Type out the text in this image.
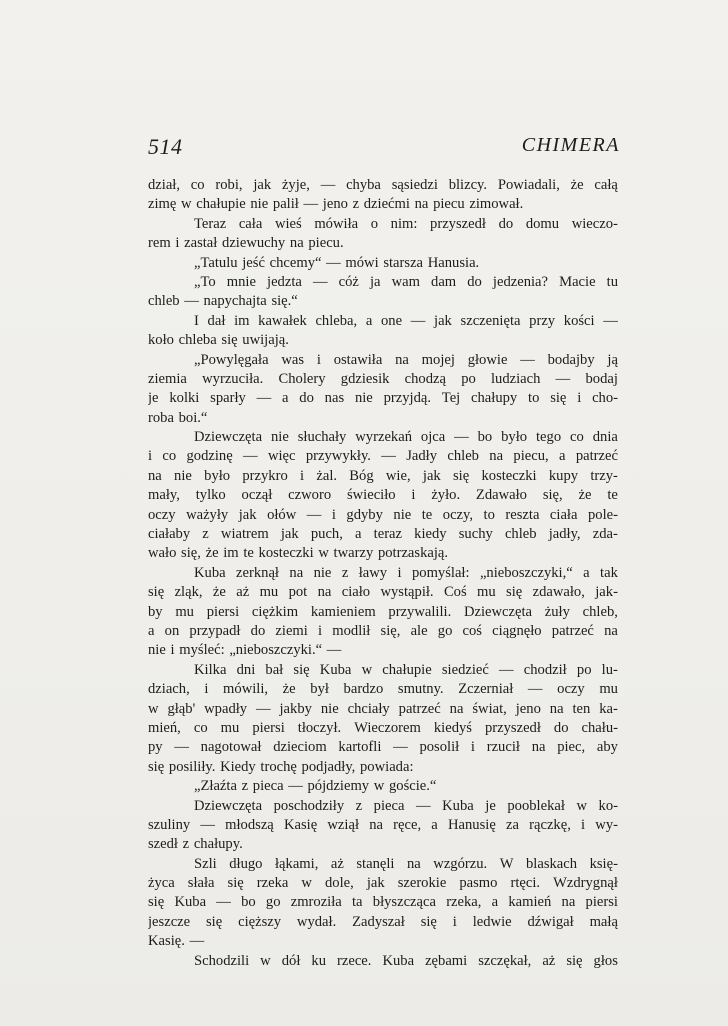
514	CHIMERA
dział, co robi, jak żyje, — chyba sąsiedzi blizcy. Powiadali, że całą
zimę w chałupie nie palił — jeno z dziećmi na piecu zimował.
Teraz cała wieś mówiła o nim: przyszedł do domu wieczo-
rem i zastał dziewuchy na piecu.
„Tatulu jeść chcemy“ — mówi starsza Hanusia.
„To mnie jedzta — cóż ja wam dam do jedzenia? Macie tu
chleb — napychajta się.“
I dał im kawałek chleba, a one — jak szczenięta przy kości —
koło chleba się uwijają.
„Powylęgała was i ostawiła na mojej głowie — bodajby ją
ziemia wyrzuciła. Cholery gdziesik chodzą po ludziach — bodaj
je kolki sparły — a do nas nie przyjdą. Tej chałupy to się i cho-
roba boi.“
Dziewczęta nie słuchały wyrzekań ojca — bo było tego co dnia
i co godzinę — więc przywykły. — Jadły chleb na piecu, a patrzeć
na nie było przykro i żal. Bóg wie, jak się kosteczki kupy trzy-
mały, tylko oczął czworo świeciło i żyło. Zdawało się, że te
oczy ważyły jak ołów — i gdyby nie te oczy, to reszta ciała pole-
ciałaby z wiatrem jak puch, a teraz kiedy suchy chleb jadły, zda-
wało się, że im te kosteczki w twarzy potrzaskają.
Kuba zerknął na nie z ławy i pomyślał: „nieboszczyki,“ a tak
się zląk, że aż mu pot na ciało wystąpił. Coś mu się zdawało, jak-
by mu piersi ciężkim kamieniem przywalili. Dziewczęta żuły chleb,
a on przypadł do ziemi i modlił się, ale go coś ciągnęło patrzeć na
nie i myśleć: „nieboszczyki.“ —
Kilka dni bał się Kuba w chałupie siedzieć — chodził po lu-
dziach, i mówili, że był bardzo smutny. Zczerniał — oczy mu
w głąb' wpadły — jakby nie chciały patrzeć na świat, jeno na ten ka-
mień, co mu piersi tłoczył. Wieczorem kiedyś przyszedł do chału-
py — nagotował dzieciom kartofli — posolił i rzucił na piec, aby
się posiliły. Kiedy trochę podjadły, powiada:
„Złaźta z pieca — pójdziemy w goście.“
Dziewczęta poschodziły z pieca — Kuba je pooblekał w ko-
szuliny — młodszą Kasię wziął na ręce, a Hanusię za rączkę, i wy-
szedł z chałupy.
Szli długo łąkami, aż stanęli na wzgórzu. W blaskach księ-
życa słała się rzeka w dole, jak szerokie pasmo rtęci. Wzdrygnął
się Kuba — bo go zmroziła ta błyszcząca rzeka, a kamień na piersi
jeszcze się cięższy wydał. Zadyszał się i ledwie dźwigał małą
Kasię. —
Schodzili w dół ku rzece. Kuba zębami szczękał, aż się głos
